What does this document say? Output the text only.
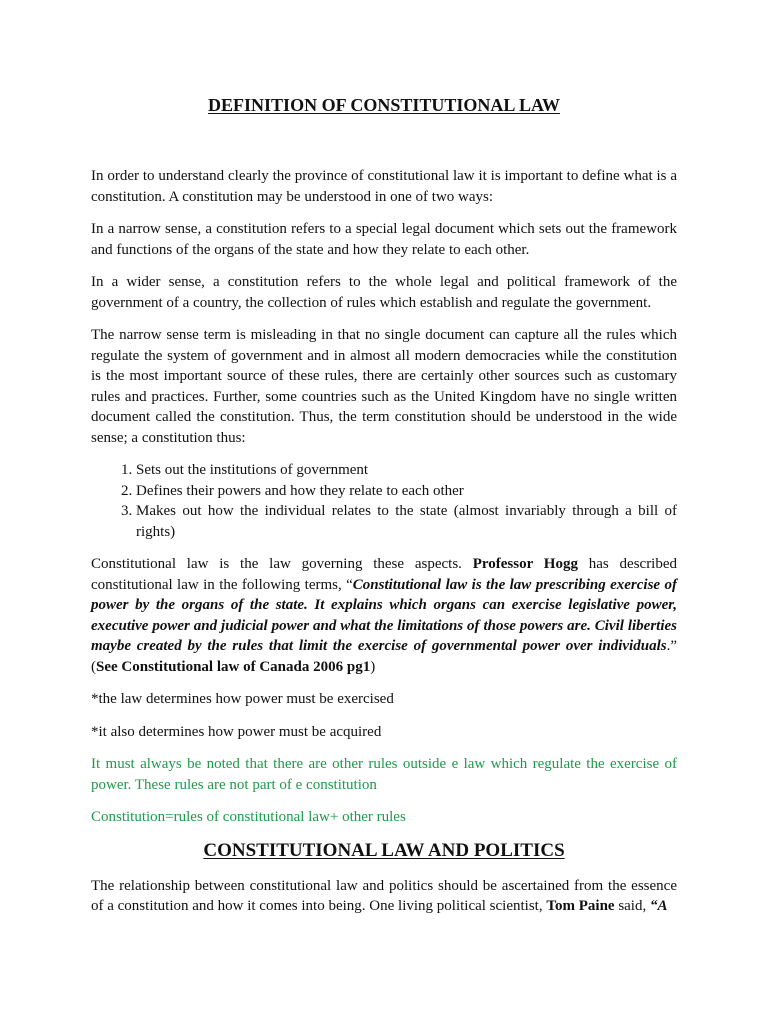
DEFINITION OF CONSTITUTIONAL LAW

In order to understand clearly the province of constitutional law it is important to define what is a constitution. A constitution may be understood in one of two ways:

In a narrow sense, a constitution refers to a special legal document which sets out the framework and functions of the organs of the state and how they relate to each other.

In a wider sense, a constitution refers to the whole legal and political framework of the government of a country, the collection of rules which establish and regulate the government.

The narrow sense term is misleading in that no single document can capture all the rules which regulate the system of government and in almost all modern democracies while the constitution is the most important source of these rules, there are certainly other sources such as customary rules and practices. Further, some countries such as the United Kingdom have no single written document called the constitution. Thus, the term constitution should be understood in the wide sense; a constitution thus:

1. Sets out the institutions of government
2. Defines their powers and how they relate to each other
3. Makes out how the individual relates to the state (almost invariably through a bill of rights)

Constitutional law is the law governing these aspects. Professor Hogg has described constitutional law in the following terms, “Constitutional law is the law prescribing exercise of power by the organs of the state. It explains which organs can exercise legislative power, executive power and judicial power and what the limitations of those powers are. Civil liberties maybe created by the rules that limit the exercise of governmental power over individuals.” (See Constitutional law of Canada 2006 pg1)

*the law determines how power must be exercised

*it also determines how power must be acquired

It must always be noted that there are other rules outside e law which regulate the exercise of power. These rules are not part of e constitution

Constitution=rules of constitutional law+ other rules

CONSTITUTIONAL LAW AND POLITICS

The relationship between constitutional law and politics should be ascertained from the essence of a constitution and how it comes into being. One living political scientist, Tom Paine said, “A
